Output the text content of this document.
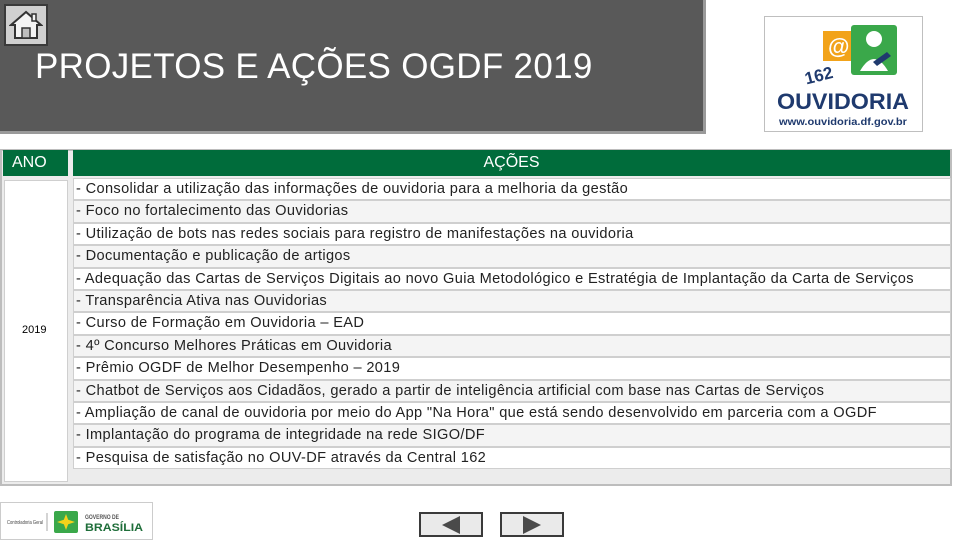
PROJETOS E AÇÕES OGDF 2019
@
162
OUVIDORIA
www.ouvidoria.df.gov.br
ANO	AÇÕES
2019
- Consolidar a utilização das informações de ouvidoria para a melhoria da gestão
- Foco no fortalecimento das Ouvidorias
- Utilização de bots nas redes sociais para registro de manifestações na ouvidoria
- Documentação e publicação de artigos
- Adequação das Cartas de Serviços Digitais ao novo Guia Metodológico e Estratégia de Implantação da Carta de Serviços
- Transparência Ativa nas Ouvidorias
- Curso de Formação em Ouvidoria – EAD
- 4º Concurso Melhores Práticas em Ouvidoria
- Prêmio OGDF de Melhor Desempenho – 2019
- Chatbot de Serviços aos Cidadãos, gerado a partir de inteligência artificial com base nas Cartas de Serviços
- Ampliação de canal de ouvidoria por meio do App "Na Hora" que está sendo desenvolvido em parceria com a OGDF
- Implantação do programa de integridade na rede SIGO/DF
- Pesquisa de satisfação no OUV-DF através da Central 162
Controladoria Geral
GOVERNO DE
BRASÍLIA
